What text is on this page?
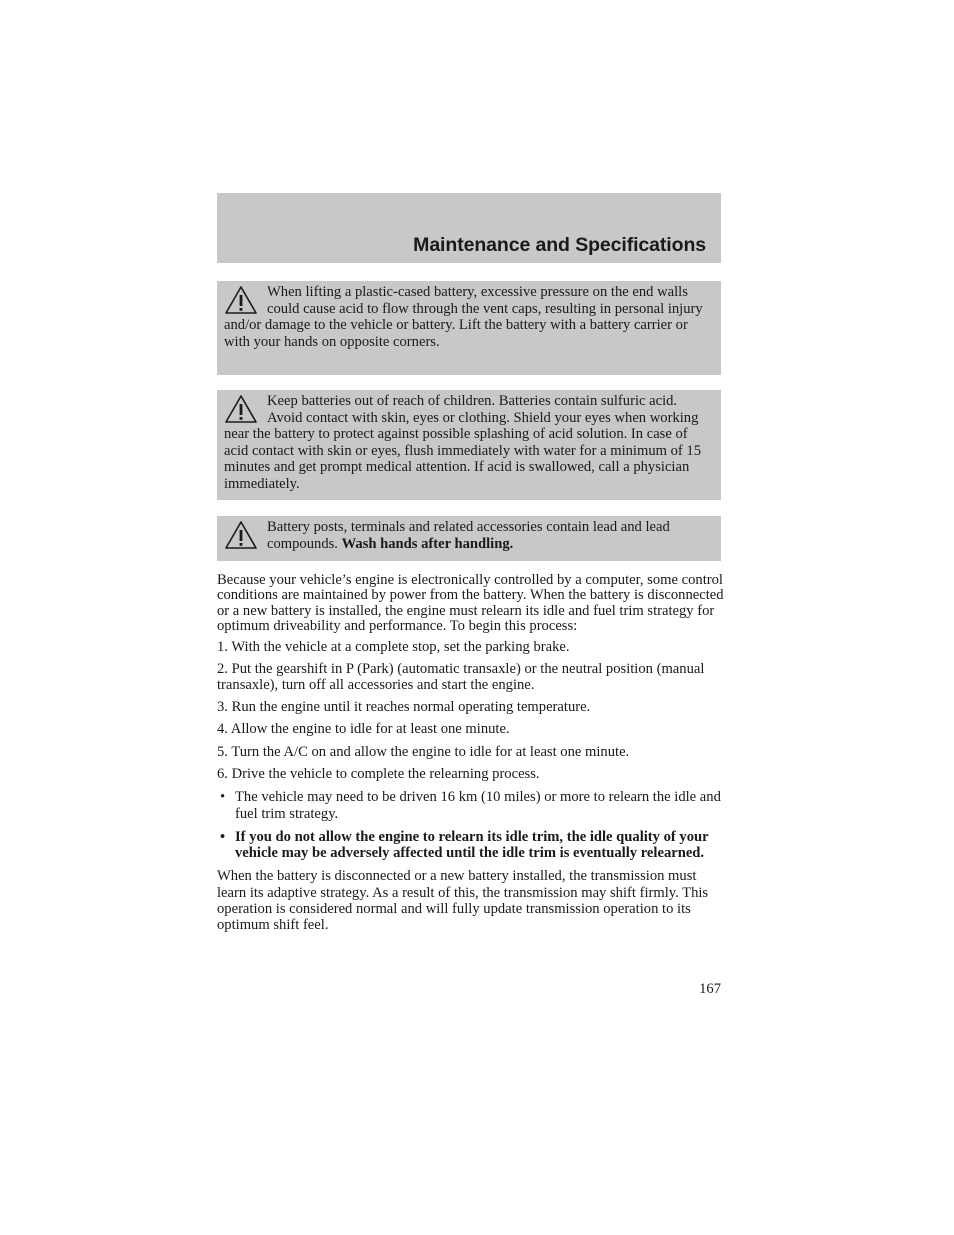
Maintenance and Specifications
When lifting a plastic-cased battery, excessive pressure on the end walls could cause acid to flow through the vent caps, resulting in personal injury and/or damage to the vehicle or battery. Lift the battery with a battery carrier or with your hands on opposite corners.
Keep batteries out of reach of children. Batteries contain sulfuric acid. Avoid contact with skin, eyes or clothing. Shield your eyes when working near the battery to protect against possible splashing of acid solution. In case of acid contact with skin or eyes, flush immediately with water for a minimum of 15 minutes and get prompt medical attention. If acid is swallowed, call a physician immediately.
Battery posts, terminals and related accessories contain lead and lead compounds. Wash hands after handling.

Because your vehicle’s engine is electronically controlled by a computer, some control conditions are maintained by power from the battery. When the battery is disconnected or a new battery is installed, the engine must relearn its idle and fuel trim strategy for optimum driveability and performance. To begin this process:

1. With the vehicle at a complete stop, set the parking brake.

2. Put the gearshift in P (Park) (automatic transaxle) or the neutral position (manual transaxle), turn off all accessories and start the engine.

3. Run the engine until it reaches normal operating temperature.

4. Allow the engine to idle for at least one minute.

5. Turn the A/C on and allow the engine to idle for at least one minute.

6. Drive the vehicle to complete the relearning process.

• The vehicle may need to be driven 16 km (10 miles) or more to relearn the idle and fuel trim strategy.
• If you do not allow the engine to relearn its idle trim, the idle quality of your vehicle may be adversely affected until the idle trim is eventually relearned.

When the battery is disconnected or a new battery installed, the transmission must learn its adaptive strategy. As a result of this, the transmission may shift firmly. This operation is considered normal and will fully update transmission operation to its optimum shift feel.

167
